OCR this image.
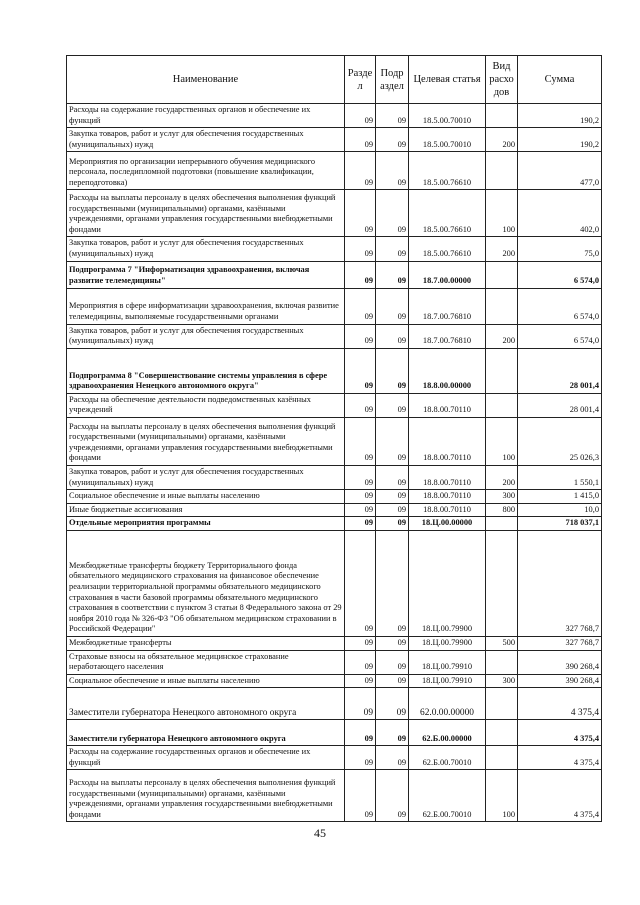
Наименование	Разде л	Подр аздел	Целевая статья	Вид расхо дов	Сумма
Расходы на содержание государственных органов и обеспечение их функций	09	09	18.5.00.70010		190,2
Закупка товаров, работ и услуг для обеспечения государственных (муниципальных) нужд	09	09	18.5.00.70010	200	190,2
Мероприятия по организации непрерывного обучения медицинского персонала, последипломной подготовки (повышение квалификации, переподготовка)	09	09	18.5.00.76610		477,0
Расходы на выплаты персоналу в целях обеспечения выполнения функций государственными (муниципальными) органами, казёнными учреждениями, органами управления государственными внебюджетными фондами	09	09	18.5.00.76610	100	402,0
Закупка товаров, работ и услуг для обеспечения государственных (муниципальных) нужд	09	09	18.5.00.76610	200	75,0
Подпрограмма 7 "Информатизация здравоохранения, включая развитие телемедицины"	09	09	18.7.00.00000		6 574,0
Мероприятия в сфере информатизации здравоохранения, включая развитие телемедицины, выполняемые государственными органами	09	09	18.7.00.76810		6 574,0
Закупка товаров, работ и услуг для обеспечения государственных (муниципальных) нужд	09	09	18.7.00.76810	200	6 574,0
Подпрограмма 8 "Совершенствование системы управления в сфере здравоохранения Ненецкого автономного округа"	09	09	18.8.00.00000		28 001,4
Расходы на обеспечение деятельности подведомственных казённых учреждений	09	09	18.8.00.70110		28 001,4
Расходы на выплаты персоналу в целях обеспечения выполнения функций государственными (муниципальными) органами, казёнными учреждениями, органами управления государственными внебюджетными фондами	09	09	18.8.00.70110	100	25 026,3
Закупка товаров, работ и услуг для обеспечения государственных (муниципальных) нужд	09	09	18.8.00.70110	200	1 550,1
Социальное обеспечение и иные выплаты населению	09	09	18.8.00.70110	300	1 415,0
Иные бюджетные ассигнования	09	09	18.8.00.70110	800	10,0
Отдельные мероприятия программы	09	09	18.Ц.00.00000		718 037,1
Межбюджетные трансферты бюджету Территориального фонда обязательного медицинского страхования на финансовое обеспечение реализации территориальной программы обязательного медицинского страхования в части базовой программы обязательного медицинского страхования в соответствии с пунктом 3 статьи 8 Федерального закона от 29 ноября 2010 года № 326-ФЗ "Об обязательном медицинском страховании в Российской Федерации"	09	09	18.Ц.00.79900		327 768,7
Межбюджетные трансферты	09	09	18.Ц.00.79900	500	327 768,7
Страховые взносы на обязательное медицинское страхование неработающего населения	09	09	18.Ц.00.79910		390 268,4
Социальное обеспечение и иные выплаты населению	09	09	18.Ц.00.79910	300	390 268,4
Заместители губернатора Ненецкого автономного округа	09	09	62.0.00.00000		4 375,4
Заместители губернатора Ненецкого автономного округа	09	09	62.Б.00.00000		4 375,4
Расходы на содержание государственных органов и обеспечение их функций	09	09	62.Б.00.70010		4 375,4
Расходы на выплаты персоналу в целях обеспечения выполнения функций государственными (муниципальными) органами, казёнными учреждениями, органами управления государственными внебюджетными фондами	09	09	62.Б.00.70010	100	4 375,4
45
